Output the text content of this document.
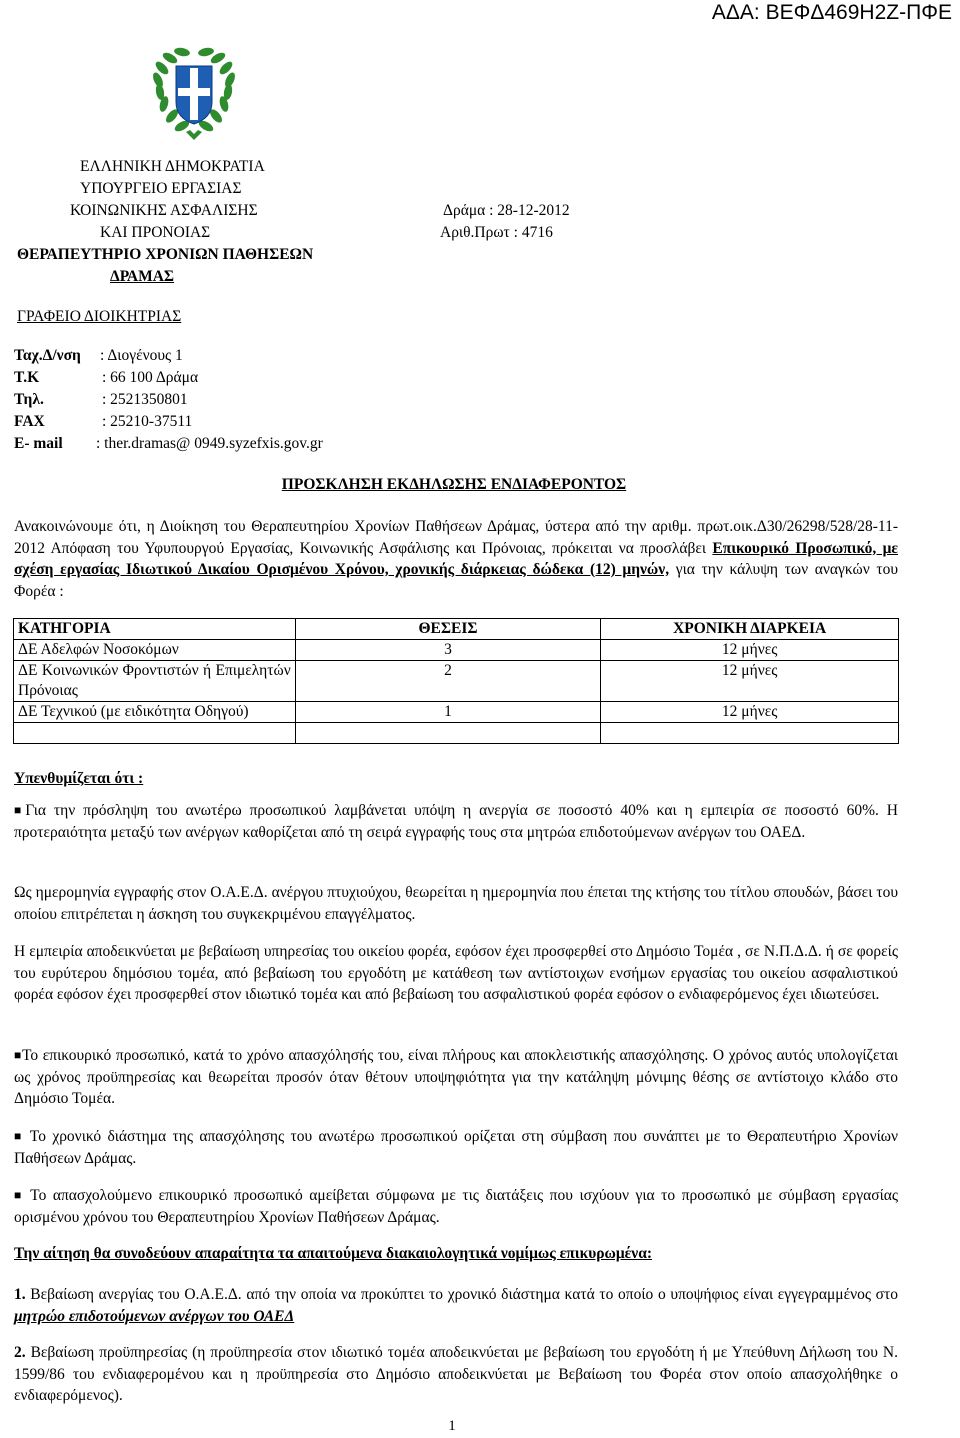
ΑΔΑ: ΒΕΦΔ469Η2Ζ-ΠΦΕ
ΕΛΛΗΝΙΚΗ ΔΗΜΟΚΡΑΤΙΑ
ΥΠΟΥΡΓΕΙΟ ΕΡΓΑΣΙΑΣ
ΚΟΙΝΩΝΙΚΗΣ ΑΣΦΑΛΙΣΗΣ
ΚΑΙ ΠΡΟΝΟΙΑΣ
ΘΕΡΑΠΕΥΤΗΡΙΟ ΧΡΟΝΙΩΝ ΠΑΘΗΣΕΩΝ
ΔΡΑΜΑΣ
Δράμα : 28-12-2012
Αριθ.Πρωτ : 4716
ΓΡΑΦΕΙΟ ΔΙΟΙΚΗΤΡΙΑΣ
Ταχ.Δ/νση : Διογένους 1
Τ.Κ	: 66 100 Δράμα
Τηλ.	: 2521350801
FAX	: 25210-37511
E- mail : ther.dramas@ 0949.syzefxis.gov.gr
ΠΡΟΣΚΛΗΣΗ ΕΚΔΗΛΩΣΗΣ ΕΝΔΙΑΦΕΡΟΝΤΟΣ

Ανακοινώνουμε ότι, η Διοίκηση του Θεραπευτηρίου Χρονίων Παθήσεων Δράμας, ύστερα από την αριθμ. πρωτ.οικ.Δ30/26298/528/28-11-2012 Απόφαση του Υφυπουργού Εργασίας, Κοινωνικής Ασφάλισης και Πρόνοιας, πρόκειται να προσλάβει Επικουρικό Προσωπικό, με σχέση εργασίας Ιδιωτικού Δικαίου Ορισμένου Χρόνου, χρονικής διάρκειας δώδεκα (12) μηνών, για την κάλυψη των αναγκών του Φορέα :

ΚΑΤΗΓΟΡΙΑ	ΘΕΣΕΙΣ	ΧΡΟΝΙΚΗ ΔΙΑΡΚΕΙΑ
ΔΕ Αδελφών Νοσοκόμων	3	12 μήνες
ΔΕ Κοινωνικών Φροντιστών ή Επιμελητών Πρόνοιας	2	12 μήνες
ΔΕ Τεχνικού (με ειδικότητα Οδηγού)	1	12 μήνες

Υπενθυμίζεται ότι :

■Για την πρόσληψη του ανωτέρω προσωπικού λαμβάνεται υπόψη η ανεργία σε ποσοστό 40% και η εμπειρία σε ποσοστό 60%. Η προτεραιότητα μεταξύ των ανέργων καθορίζεται από τη σειρά εγγραφής τους στα μητρώα επιδοτούμενων ανέργων του ΟΑΕΔ.

Ως ημερομηνία εγγραφής στον Ο.Α.Ε.Δ. ανέργου πτυχιούχου, θεωρείται η ημερομηνία που έπεται της κτήσης του τίτλου σπουδών, βάσει του οποίου επιτρέπεται η άσκηση του συγκεκριμένου επαγγέλματος.

Η εμπειρία αποδεικνύεται με βεβαίωση υπηρεσίας του οικείου φορέα, εφόσον έχει προσφερθεί στο Δημόσιο Τομέα , σε Ν.Π.Δ.Δ. ή σε φορείς του ευρύτερου δημόσιου τομέα, από βεβαίωση του εργοδότη με κατάθεση των αντίστοιχων ενσήμων εργασίας του οικείου ασφαλιστικού φορέα εφόσον έχει προσφερθεί στον ιδιωτικό τομέα και από βεβαίωση του ασφαλιστικού φορέα εφόσον ο ενδιαφερόμενος έχει ιδιωτεύσει.

■Το επικουρικό προσωπικό, κατά το χρόνο απασχόλησής του, είναι πλήρους και αποκλειστικής απασχόλησης. Ο χρόνος αυτός υπολογίζεται ως χρόνος προϋπηρεσίας και θεωρείται προσόν όταν θέτουν υποψηφιότητα για την κατάληψη μόνιμης θέσης σε αντίστοιχο κλάδο στο Δημόσιο Τομέα.

■ Το χρονικό διάστημα της απασχόλησης του ανωτέρω προσωπικού ορίζεται στη σύμβαση που συνάπτει με το Θεραπευτήριο Χρονίων Παθήσεων Δράμας.

■ Το απασχολούμενο επικουρικό προσωπικό αμείβεται σύμφωνα με τις διατάξεις που ισχύουν για το προσωπικό με σύμβαση εργασίας ορισμένου χρόνου του Θεραπευτηρίου Χρονίων Παθήσεων Δράμας.

Την αίτηση θα συνοδεύουν απαραίτητα τα απαιτούμενα διακαιολογητικά νομίμως επικυρωμένα:

1. Βεβαίωση ανεργίας του Ο.Α.Ε.Δ. από την οποία να προκύπτει το χρονικό διάστημα κατά το οποίο ο υποψήφιος είναι εγγεγραμμένος στο μητρώο επιδοτούμενων ανέργων του ΟΑΕΔ

2. Βεβαίωση προϋπηρεσίας (η προϋπηρεσία στον ιδιωτικό τομέα αποδεικνύεται με βεβαίωση του εργοδότη ή με Υπεύθυνη Δήλωση του Ν. 1599/86 του ενδιαφερομένου και η προϋπηρεσία στο Δημόσιο αποδεικνύεται με Βεβαίωση του Φορέα στον οποίο απασχολήθηκε ο ενδιαφερόμενος).

1
